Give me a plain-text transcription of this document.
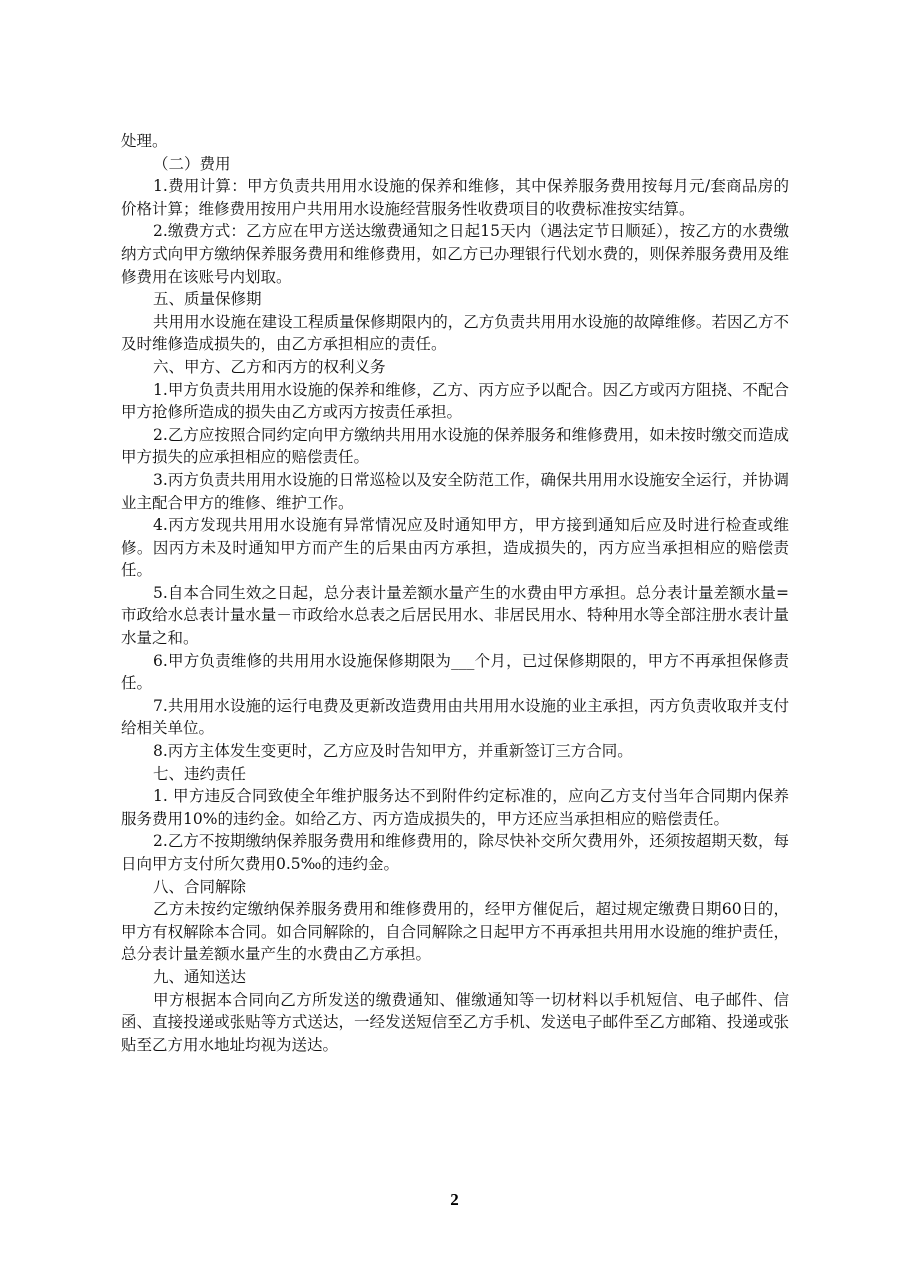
处理。

（二）费用

1.费用计算：甲方负责共用用水设施的保养和维修，其中保养服务费用按每月元/套商品房的价格计算；维修费用按用户共用用水设施经营服务性收费项目的收费标准按实结算。

2.缴费方式：乙方应在甲方送达缴费通知之日起15天内（遇法定节日顺延），按乙方的水费缴纳方式向甲方缴纳保养服务费用和维修费用，如乙方已办理银行代划水费的，则保养服务费用及维修费用在该账号内划取。

五、质量保修期

共用用水设施在建设工程质量保修期限内的，乙方负责共用用水设施的故障维修。若因乙方不及时维修造成损失的，由乙方承担相应的责任。

六、甲方、乙方和丙方的权利义务

1.甲方负责共用用水设施的保养和维修，乙方、丙方应予以配合。因乙方或丙方阻挠、不配合甲方抢修所造成的损失由乙方或丙方按责任承担。

2.乙方应按照合同约定向甲方缴纳共用用水设施的保养服务和维修费用，如未按时缴交而造成甲方损失的应承担相应的赔偿责任。

3.丙方负责共用用水设施的日常巡检以及安全防范工作，确保共用用水设施安全运行，并协调业主配合甲方的维修、维护工作。

4.丙方发现共用用水设施有异常情况应及时通知甲方，甲方接到通知后应及时进行检查或维修。因丙方未及时通知甲方而产生的后果由丙方承担，造成损失的，丙方应当承担相应的赔偿责任。

5.自本合同生效之日起，总分表计量差额水量产生的水费由甲方承担。总分表计量差额水量=市政给水总表计量水量－市政给水总表之后居民用水、非居民用水、特种用水等全部注册水表计量水量之和。

6.甲方负责维修的共用用水设施保修期限为___个月，已过保修期限的，甲方不再承担保修责任。

7.共用用水设施的运行电费及更新改造费用由共用用水设施的业主承担，丙方负责收取并支付给相关单位。

8.丙方主体发生变更时，乙方应及时告知甲方，并重新签订三方合同。

七、违约责任

1. 甲方违反合同致使全年维护服务达不到附件约定标准的，应向乙方支付当年合同期内保养服务费用10%的违约金。如给乙方、丙方造成损失的，甲方还应当承担相应的赔偿责任。

2.乙方不按期缴纳保养服务费用和维修费用的，除尽快补交所欠费用外，还须按超期天数，每日向甲方支付所欠费用0.5‰的违约金。

八、合同解除

乙方未按约定缴纳保养服务费用和维修费用的，经甲方催促后，超过规定缴费日期60日的，甲方有权解除本合同。如合同解除的，自合同解除之日起甲方不再承担共用用水设施的维护责任，总分表计量差额水量产生的水费由乙方承担。

九、通知送达

甲方根据本合同向乙方所发送的缴费通知、催缴通知等一切材料以手机短信、电子邮件、信函、直接投递或张贴等方式送达，一经发送短信至乙方手机、发送电子邮件至乙方邮箱、投递或张贴至乙方用水地址均视为送达。

2
